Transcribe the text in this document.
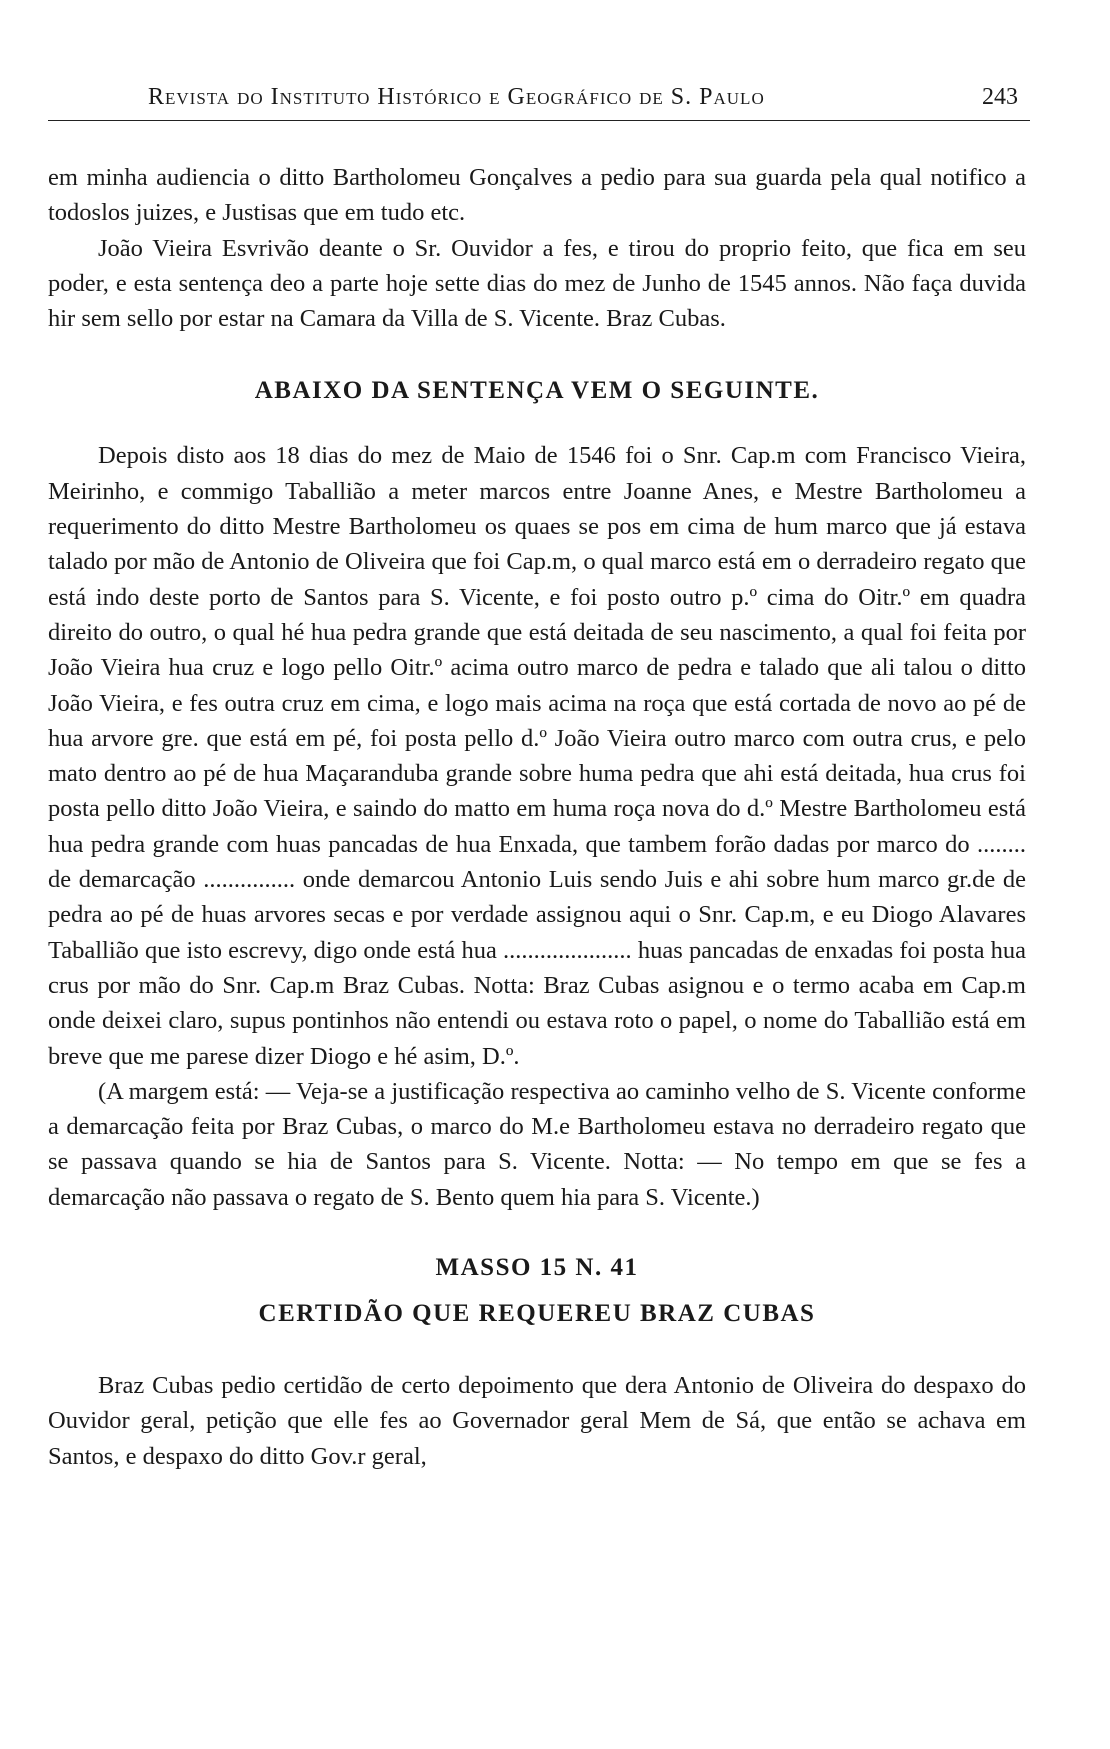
Revista do Instituto Histórico e Geográfico de S. Paulo	243

em minha audiencia o ditto Bartholomeu Gonçalves a pedio para sua guarda pela qual notifico a todoslos juizes, e Justisas que em tudo etc.

João Vieira Esvrivão deante o Sr. Ouvidor a fes, e tirou do proprio feito, que fica em seu poder, e esta sentença deo a parte hoje sette dias do mez de Junho de 1545 annos. Não faça duvida hir sem sello por estar na Camara da Villa de S. Vicente. Braz Cubas.

ABAIXO DA SENTENÇA VEM O SEGUINTE.

Depois disto aos 18 dias do mez de Maio de 1546 foi o Snr. Cap.m com Francisco Vieira, Meirinho, e commigo Taballião a meter marcos entre Joanne Anes, e Mestre Bartholomeu a requerimento do ditto Mestre Bartholomeu os quaes se pos em cima de hum marco que já estava talado por mão de Antonio de Oliveira que foi Cap.m, o qual marco está em o derradeiro regato que está indo deste porto de Santos para S. Vicente, e foi posto outro p.º cima do Oitr.º em quadra direito do outro, o qual hé hua pedra grande que está deitada de seu nascimento, a qual foi feita por João Vieira hua cruz e logo pello Oitr.º acima outro marco de pedra e talado que ali talou o ditto João Vieira, e fes outra cruz em cima, e logo mais acima na roça que está cortada de novo ao pé de hua arvore gre. que está em pé, foi posta pello d.º João Vieira outro marco com outra crus, e pelo mato dentro ao pé de hua Maçaranduba grande sobre huma pedra que ahi está deitada, hua crus foi posta pello ditto João Vieira, e saindo do matto em huma roça nova do d.º Mestre Bartholomeu está hua pedra grande com huas pancadas de hua Enxada, que tambem forão dadas por marco do ........ de demarcação ............... onde demarcou Antonio Luis sendo Juis e ahi sobre hum marco gr.de de pedra ao pé de huas arvores secas e por verdade assignou aqui o Snr. Cap.m, e eu Diogo Alavares Taballião que isto escrevy, digo onde está hua ..................... huas pancadas de enxadas foi posta hua crus por mão do Snr. Cap.m Braz Cubas. Notta: Braz Cubas asignou e o termo acaba em Cap.m onde deixei claro, supus pontinhos não entendi ou estava roto o papel, o nome do Taballião está em breve que me parese dizer Diogo e hé asim, D.º.

(A margem está: — Veja-se a justificação respectiva ao caminho velho de S. Vicente conforme a demarcação feita por Braz Cubas, o marco do M.e Bartholomeu estava no derradeiro regato que se passava quando se hia de Santos para S. Vicente. Notta: — No tempo em que se fes a demarcação não passava o regato de S. Bento quem hia para S. Vicente.)

MASSO 15 N. 41
CERTIDÃO QUE REQUEREU BRAZ CUBAS

Braz Cubas pedio certidão de certo depoimento que dera Antonio de Oliveira do despaxo do Ouvidor geral, petição que elle fes ao Governador geral Mem de Sá, que então se achava em Santos, e despaxo do ditto Gov.r geral,
